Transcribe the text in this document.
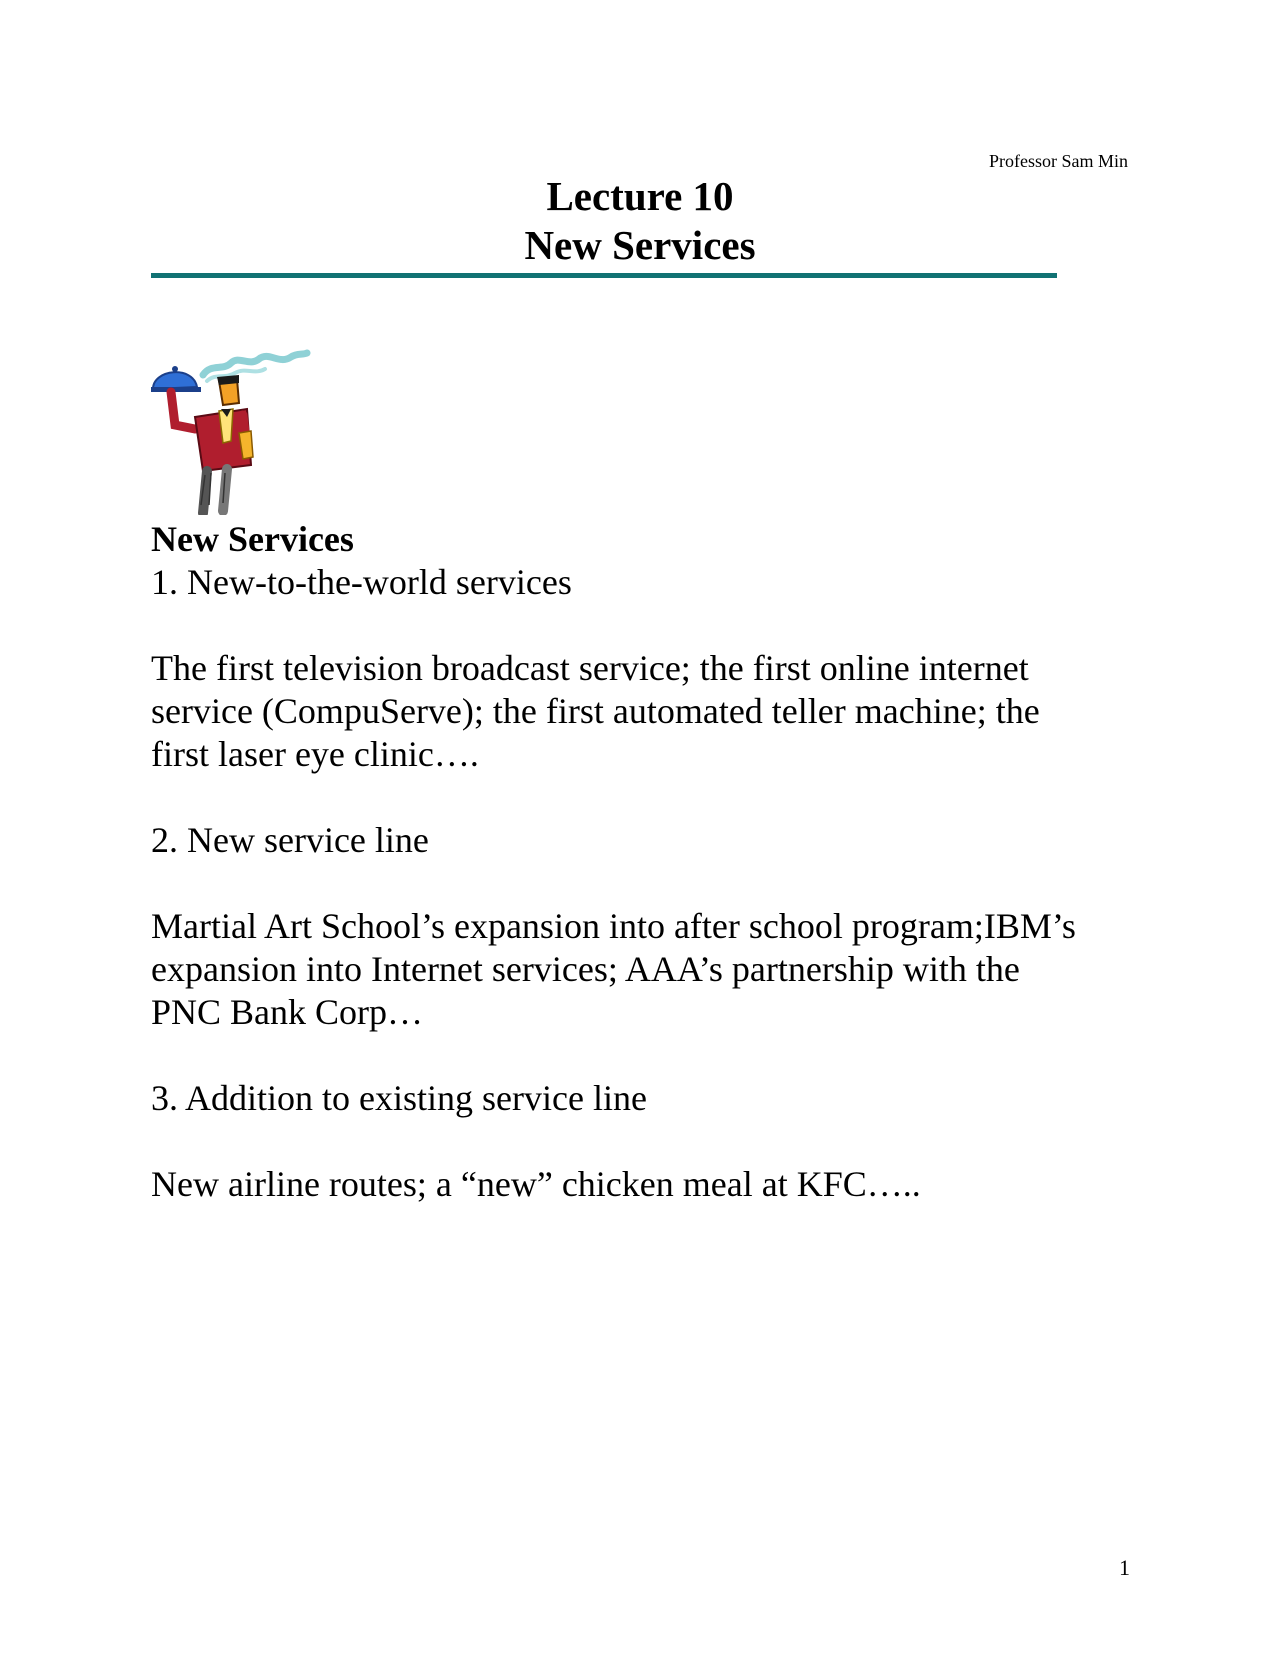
Professor Sam Min
Lecture 10
New Services

New Services

1. New-to-the-world services

The first television broadcast service; the first online internet
service (CompuServe); the first automated teller machine; the
first laser eye clinic….

2. New service line

Martial Art School’s expansion into after school program;IBM’s
expansion into Internet services; AAA’s partnership with the
PNC Bank Corp…

3. Addition to existing service line

New airline routes; a “new” chicken meal at KFC…..

1
